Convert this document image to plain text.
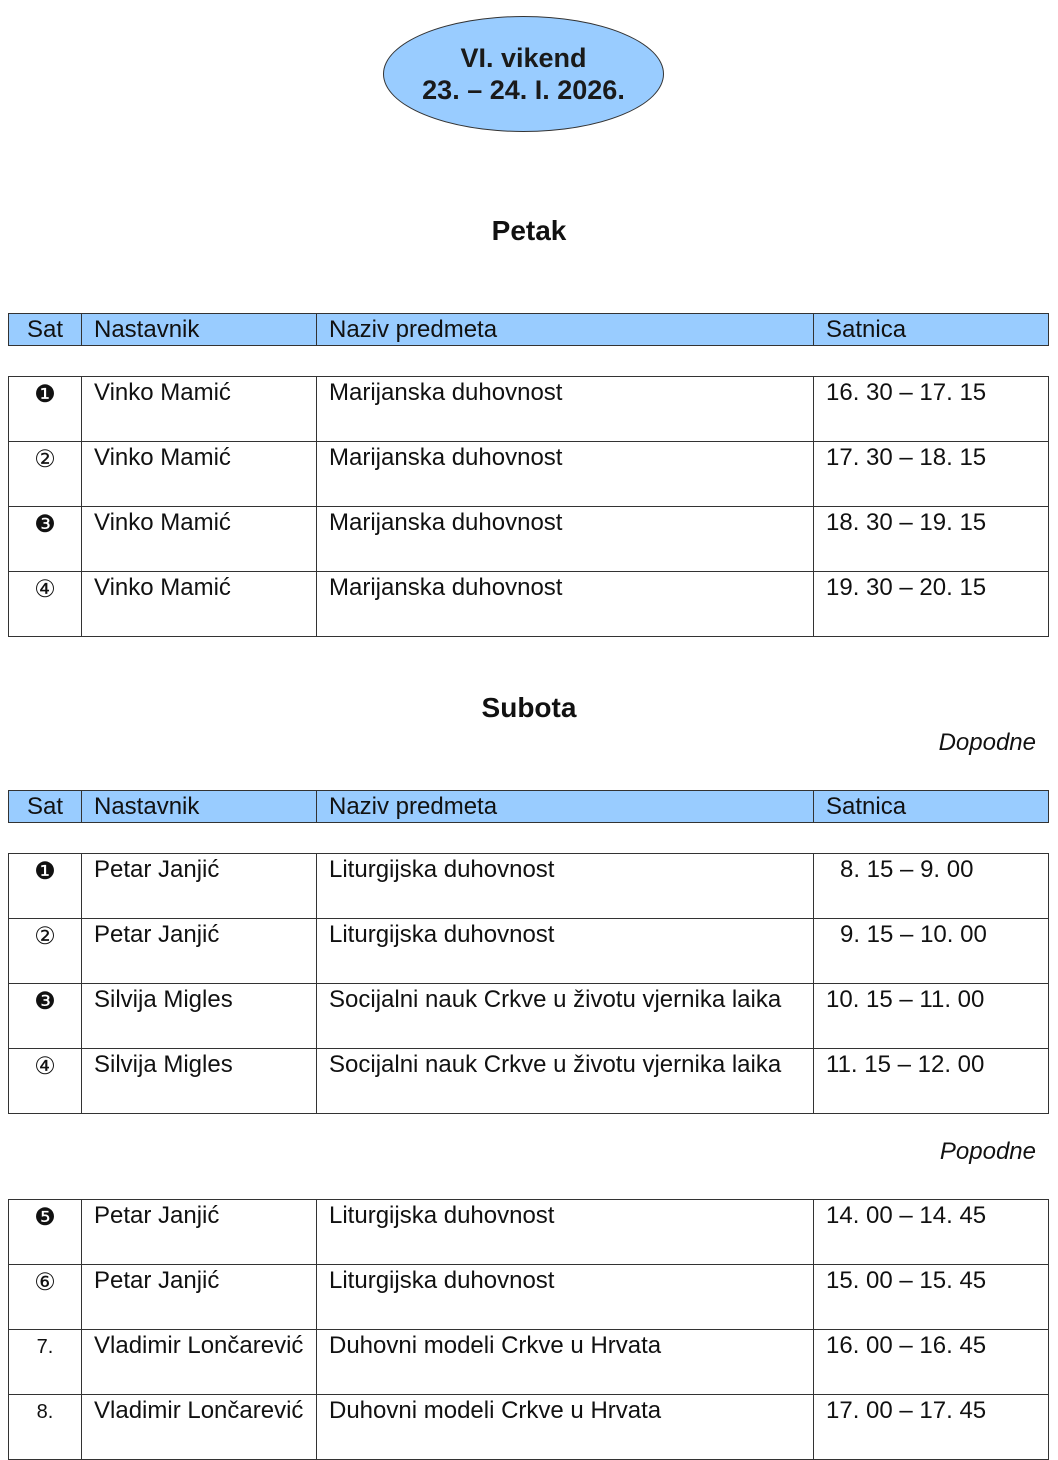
VI. vikend
23. – 24. I. 2026.
Petak
Sat	Nastavnik	Naziv predmeta	Satnica
❶	Vinko Mamić	Marijanska duhovnost	16. 30 – 17. 15
②	Vinko Mamić	Marijanska duhovnost	17. 30 – 18. 15
❸	Vinko Mamić	Marijanska duhovnost	18. 30 – 19. 15
④	Vinko Mamić	Marijanska duhovnost	19. 30 – 20. 15
Subota
Dopodne
Sat	Nastavnik	Naziv predmeta	Satnica
❶	Petar Janjić	Liturgijska duhovnost	8. 15 – 9. 00
②	Petar Janjić	Liturgijska duhovnost	9. 15 – 10. 00
❸	Silvija Migles	Socijalni nauk Crkve u životu vjernika laika	10. 15 – 11. 00
④	Silvija Migles	Socijalni nauk Crkve u životu vjernika laika	11. 15 – 12. 00
Popodne
❺	Petar Janjić	Liturgijska duhovnost	14. 00 – 14. 45
⑥	Petar Janjić	Liturgijska duhovnost	15. 00 – 15. 45
7.	Vladimir Lončarević	Duhovni modeli Crkve u Hrvata	16. 00 – 16. 45
8.	Vladimir Lončarević	Duhovni modeli Crkve u Hrvata	17. 00 – 17. 45
